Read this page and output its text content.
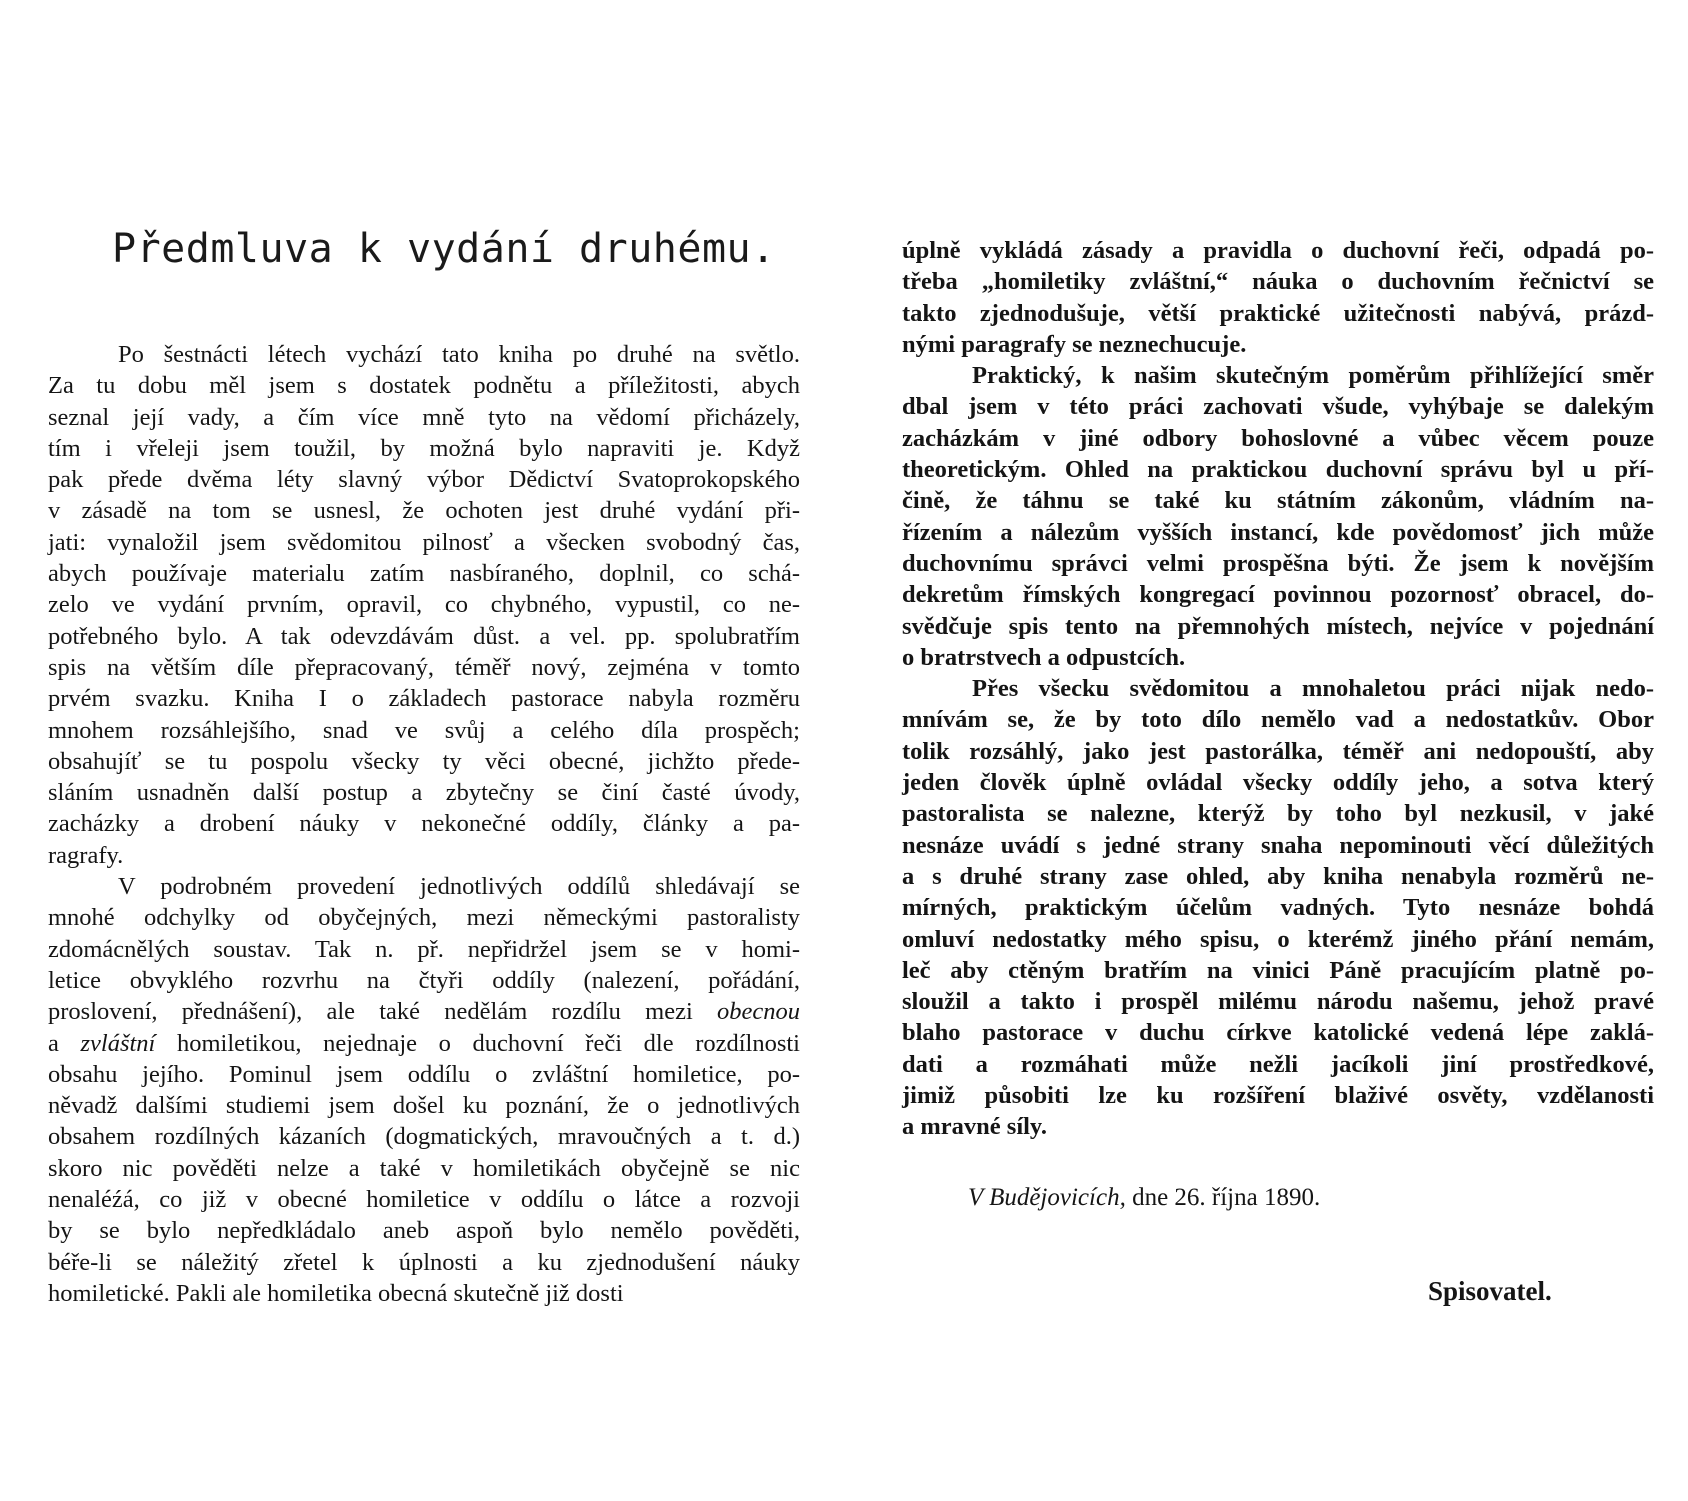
Předmluva k vydání druhému.

Po šestnácti létech vychází tato kniha po druhé na světlo.
Za tu dobu měl jsem s dostatek podnětu a příležitosti, abych
seznal její vady, a čím více mně tyto na vědomí přicházely,
tím i vřeleji jsem toužil, by možná bylo napraviti je. Když
pak přede dvěma léty slavný výbor Dědictví Svatoprokopského
v zásadě na tom se usnesl, že ochoten jest druhé vydání při-
jati: vynaložil jsem svědomitou pilnosť a všecken svobodný čas,
abych používaje materialu zatím nasbíraného, doplnil, co schá-
zelo ve vydání prvním, opravil, co chybného, vypustil, co ne-
potřebného bylo. A tak odevzdávám důst. a vel. pp. spolubratřím
spis na větším díle přepracovaný, téměř nový, zejména v tomto
prvém svazku. Kniha I o základech pastorace nabyla rozměru
mnohem rozsáhlejšího, snad ve svůj a celého díla prospěch;
obsahujíť se tu pospolu všecky ty věci obecné, jichžto přede-
sláním usnadněn další postup a zbytečny se činí časté úvody,
zacházky a drobení náuky v nekonečné oddíly, články a pa-
ragrafy.

V podrobném provedení jednotlivých oddílů shledávají se
mnohé odchylky od obyčejných, mezi německými pastoralisty
zdomácnělých soustav. Tak n. př. nepřidržel jsem se v homi-
letice obvyklého rozvrhu na čtyři oddíly (nalezení, pořádání,
proslovení, přednášení), ale také nedělám rozdílu mezi obecnou
a zvláštní homiletikou, nejednaje o duchovní řeči dle rozdílnosti
obsahu jejího. Pominul jsem oddílu o zvláštní homiletice, po-
něvadž dalšími studiemi jsem došel ku poznání, že o jednotlivých
obsahem rozdílných kázaních (dogmatických, mravoučných a t. d.)
skoro nic pověděti nelze a také v homiletikách obyčejně se nic
nenaléźá, co již v obecné homiletice v oddílu o látce a rozvoji
by se bylo nepředkládalo aneb aspoň bylo nemělo pověděti,
béře-li se náležitý zřetel k úplnosti a ku zjednodušení náuky
homiletické. Pakli ale homiletika obecná skutečně již dosti

úplně vykládá zásady a pravidla o duchovní řeči, odpadá po-
třeba „homiletiky zvláštní,“ náuka o duchovním řečnictví se
takto zjednodušuje, větší praktické užitečnosti nabývá, prázd-
nými paragrafy se neznechucuje.

Praktický, k našim skutečným poměrům přihlížející směr
dbal jsem v této práci zachovati všude, vyhýbaje se dalekým
zacházkám v jiné odbory bohoslovné a vůbec věcem pouze
theoretickým. Ohled na praktickou duchovní správu byl u pří-
čině, že táhnu se také ku státním zákonům, vládním na-
řízením a nálezům vyšších instancí, kde povědomosť jich může
duchovnímu správci velmi prospěšna býti. Že jsem k novějším
dekretům římských kongregací povinnou pozornosť obracel, do-
svědčuje spis tento na přemnohých místech, nejvíce v pojednání
o bratrstvech a odpustcích.

Přes všecku svědomitou a mnohaletou práci nijak nedo-
mnívám se, že by toto dílo nemělo vad a nedostatkův. Obor
tolik rozsáhlý, jako jest pastorálka, téměř ani nedopouští, aby
jeden člověk úplně ovládal všecky oddíly jeho, a sotva který
pastoralista se nalezne, kterýž by toho byl nezkusil, v jaké
nesnáze uvádí s jedné strany snaha nepominouti věcí důležitých
a s druhé strany zase ohled, aby kniha nenabyla rozměrů ne-
mírných, praktickým účelům vadných. Tyto nesnáze bohdá
omluví nedostatky mého spisu, o kterémž jiného přání nemám,
leč aby ctěným bratřím na vinici Páně pracujícím platně po-
sloužil a takto i prospěl milému národu našemu, jehož pravé
blaho pastorace v duchu církve katolické vedená lépe zaklá-
dati a rozmáhati může nežli jacíkoli jiní prostředkové,
jimiž působiti lze ku rozšíření blaživé osvěty, vzdělanosti
a mravné síly.

V Budějovicích, dne 26. října 1890.
Spisovatel.
